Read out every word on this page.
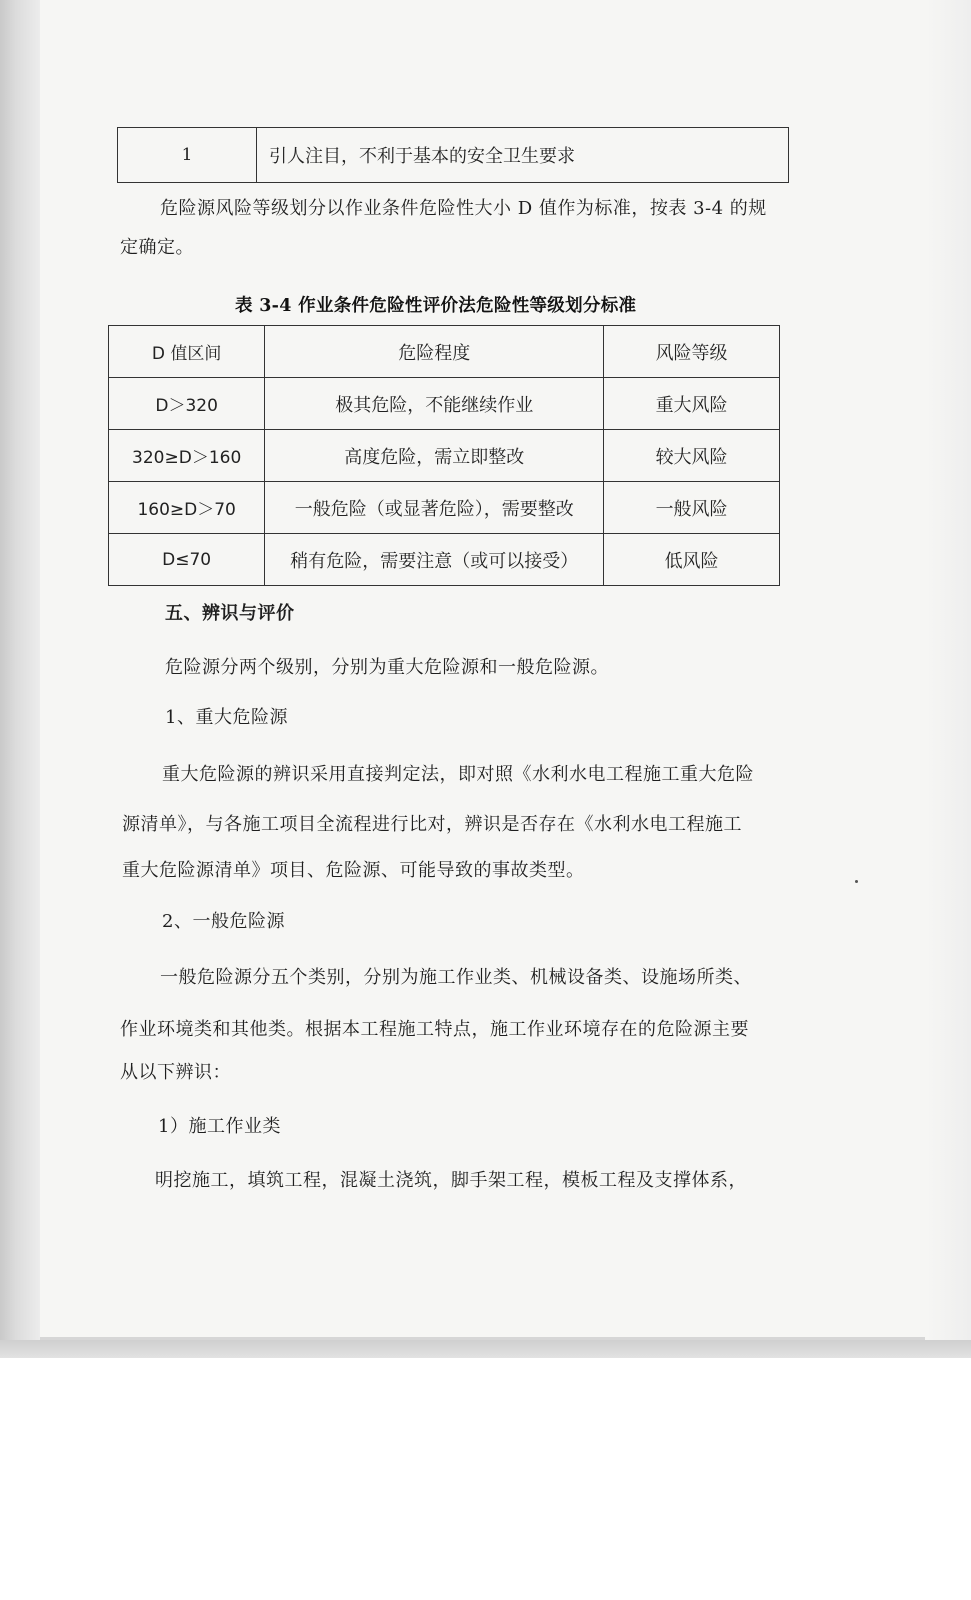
1	引人注目，不利于基本的安全卫生要求
危险源风险等级划分以作业条件危险性大小 D 值作为标准，按表 3-4 的规
定确定。
表 3-4 作业条件危险性评价法危险性等级划分标准
D 值区间	危险程度	风险等级
D＞320	极其危险，不能继续作业	重大风险
320≥D＞160	高度危险，需立即整改	较大风险
160≥D＞70	一般危险（或显著危险），需要整改	一般风险
D≤70	稍有危险，需要注意（或可以接受）	低风险
五、辨识与评价
危险源分两个级别，分别为重大危险源和一般危险源。
1、重大危险源
重大危险源的辨识采用直接判定法，即对照《水利水电工程施工重大危险
源清单》，与各施工项目全流程进行比对，辨识是否存在《水利水电工程施工
重大危险源清单》项目、危险源、可能导致的事故类型。
2、一般危险源
一般危险源分五个类别，分别为施工作业类、机械设备类、设施场所类、
作业环境类和其他类。根据本工程施工特点，施工作业环境存在的危险源主要
从以下辨识：
1）施工作业类
明挖施工，填筑工程，混凝土浇筑，脚手架工程，模板工程及支撑体系，
